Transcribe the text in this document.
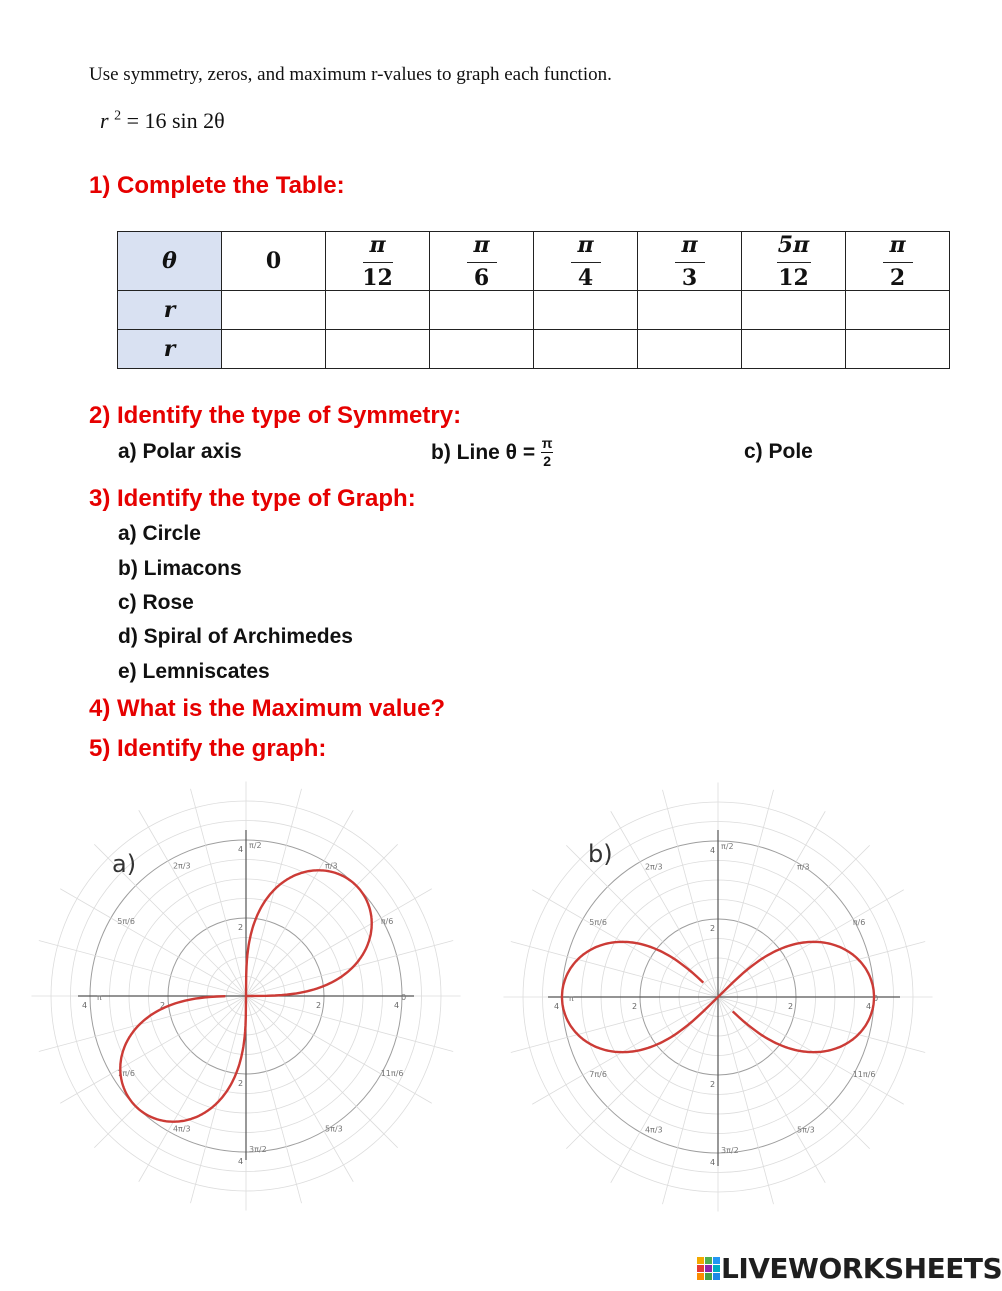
Use symmetry, zeros, and maximum r-values to graph each function.
r $^2$ = 16 sin 2θ
1) Complete the Table:
θ	0	$\frac{\pi}{12}$	$\frac{\pi}{6}$	$\frac{\pi}{4}$	$\frac{\pi}{3}$	$\frac{5\pi}{12}$	$\frac{\pi}{2}$

r							
r							
2) Identify the type of Symmetry:
a) Polar axis	b) Line θ = π
2	c) Pole
3) Identify the type of Graph:
a) Circle
b) Limacons
c) Rose
d) Spiral of Archimedes
e) Lemniscates
4) What is the Maximum value?
5) Identify the graph:
π/2
π/3
π/6
0
11π/6
5π/3
3π/2
4π/3
7π/6
π
5π/6
2π/3
2
2
2
2
4
4
4
4
a)
π/2
π/3
π/6
0
11π/6
5π/3
3π/2
4π/3
7π/6
π
5π/6
2π/3
2
2
2
2
4
4
4
4
b)
LIVEWORKSHEETS
